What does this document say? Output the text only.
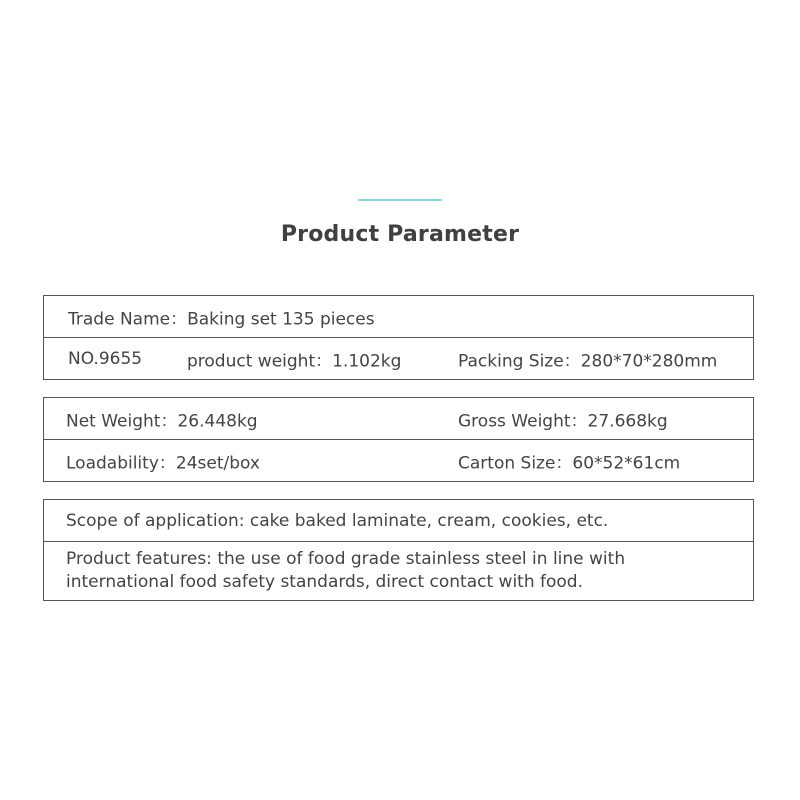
Product Parameter
Trade Name：Baking set 135 pieces
NO.9655	product weight：1.102kg	Packing Size：280*70*280mm
Net Weight：26.448kg	Gross Weight：27.668kg
Loadability：24set/box	Carton Size：60*52*61cm
Scope of application: cake baked laminate, cream, cookies, etc.
Product features: the use of food grade stainless steel in line with international food safety standards, direct contact with food.
